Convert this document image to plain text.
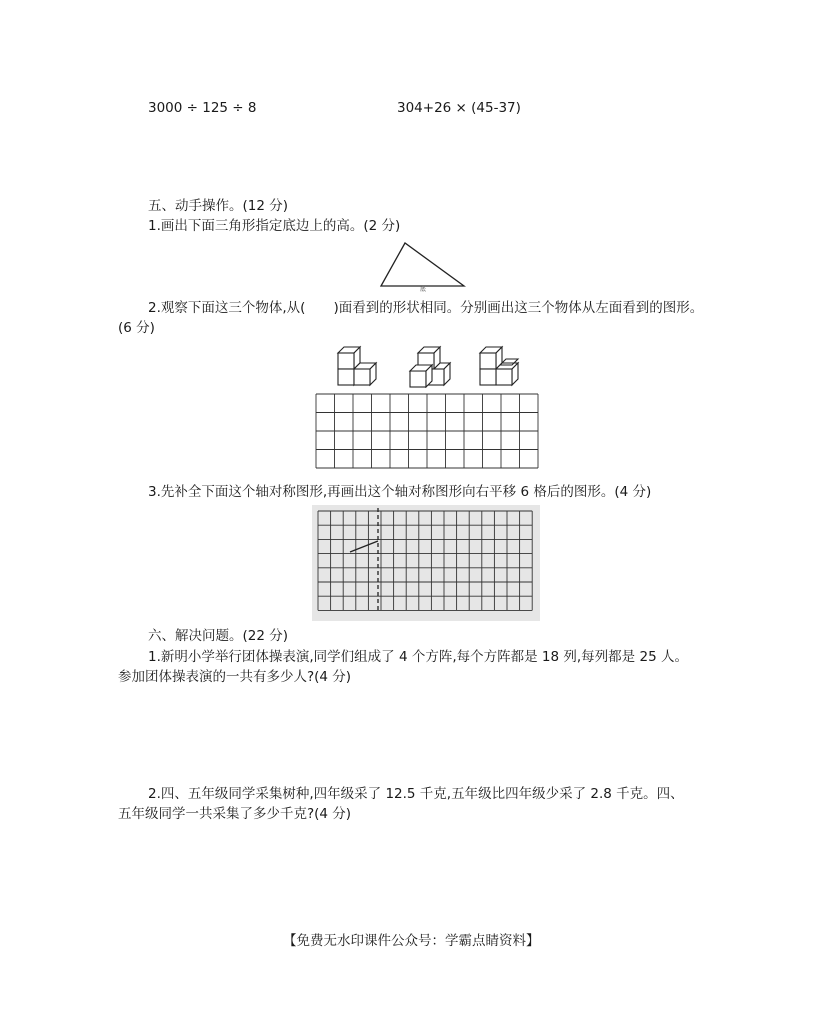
3000 ÷ 125 ÷ 8	304+26 × (45-37)
五、动手操作。(12 分)
1.画出下面三角形指定底边上的高。(2 分)
底
2.观察下面这三个物体,从( )面看到的形状相同。分别画出这三个物体从左面看到的图形。
(6 分)
3.先补全下面这个轴对称图形,再画出这个轴对称图形向右平移 6 格后的图形。(4 分)
六、解决问题。(22 分)
1.新明小学举行团体操表演,同学们组成了 4 个方阵,每个方阵都是 18 列,每列都是 25 人。
参加团体操表演的一共有多少人?(4 分)
2.四、五年级同学采集树种,四年级采了 12.5 千克,五年级比四年级少采了 2.8 千克。四、
五年级同学一共采集了多少千克?(4 分)
【免费无水印课件公众号：学霸点睛资料】
